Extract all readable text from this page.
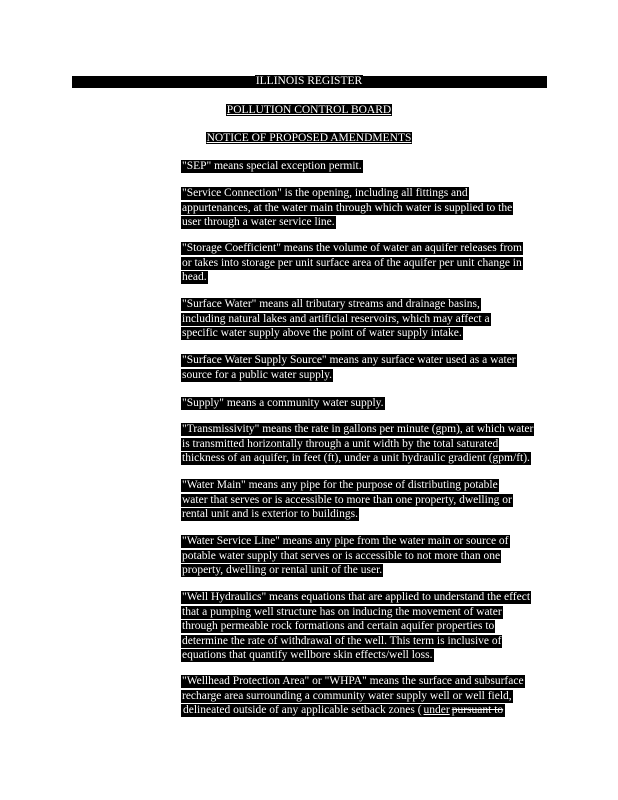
ILLINOIS REGISTER
POLLUTION CONTROL BOARD
NOTICE OF PROPOSED AMENDMENTS
"SEP" means special exception permit.
"Service Connection" is the opening, including all fittings and
appurtenances, at the water main through which water is supplied to the
user through a water service line.
"Storage Coefficient" means the volume of water an aquifer releases from
or takes into storage per unit surface area of the aquifer per unit change in
head.
"Surface Water" means all tributary streams and drainage basins,
including natural lakes and artificial reservoirs, which may affect a
specific water supply above the point of water supply intake.
"Surface Water Supply Source" means any surface water used as a water
source for a public water supply.
"Supply" means a community water supply.
"Transmissivity" means the rate in gallons per minute (gpm), at which water
is transmitted horizontally through a unit width by the total saturated
thickness of an aquifer, in feet (ft), under a unit hydraulic gradient (gpm/ft).
"Water Main" means any pipe for the purpose of distributing potable
water that serves or is accessible to more than one property, dwelling or
rental unit and is exterior to buildings.
"Water Service Line" means any pipe from the water main or source of
potable water supply that serves or is accessible to not more than one
property, dwelling or rental unit of the user.
"Well Hydraulics" means equations that are applied to understand the effect
that a pumping well structure has on inducing the movement of water
through permeable rock formations and certain aquifer properties to
determine the rate of withdrawal of the well. This term is inclusive of
equations that quantify wellbore skin effects/well loss.
"Wellhead Protection Area" or "WHPA" means the surface and subsurface
recharge area surrounding a community water supply well or well field,
delineated outside of any applicable setback zones ( under pursuant to
